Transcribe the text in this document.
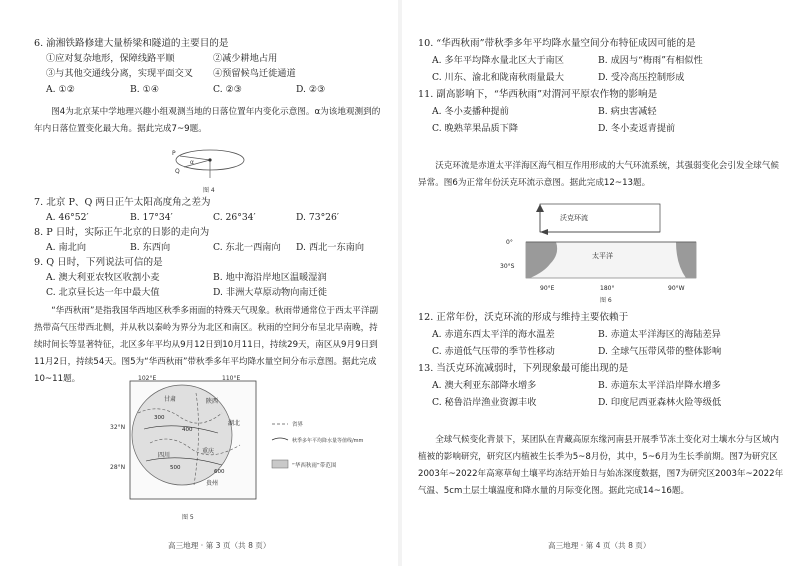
6. 渝湘铁路修建大量桥梁和隧道的主要目的是
①应对复杂地形，保障线路平顺	②减少耕地占用
③与其他交通线分离，实现平面交叉 ④预留候鸟迁徙通道
A. ①②	B. ①④	C. ②③	D. ②③
图4为北京某中学地理兴趣小组观测当地的日落位置年内变化示意图。α为该地观测到的年内日落位置变化最大角。据此完成7~9题。
P
Q
α
图 4
7. 北京 P、Q 两日正午太阳高度角之差为
A. 46°52′	B. 17°34′	C. 26°34′	D. 73°26′
8. P 日时，实际正午北京的日影的走向为
A. 南北向	B. 东西向	C. 东北一西南向 D. 西北一东南向
9. Q 日时，下列说法可信的是
A. 澳大利亚农牧区收割小麦	B. 地中海沿岸地区温暖湿润
C. 北京昼长达一年中最大值	D. 非洲大草原动物向南迁徙
“华西秋雨”是指我国华西地区秋季多雨面的特殊天气现象。秋雨带通常位于西太平洋副热带高气压带西北侧，并从秋以秦岭为界分为北区和南区。秋雨的空间分布呈北早南晚，持续时间长等显著特征，北区多年平均从9月12日到10月11日，持续29天，南区从9月9日到11月2日，持续54天。图5为“华西秋雨”带秋季多年平均降水量空间分布示意图。据此完成10~11题。	102°E	110°E
32°N
28°N
甘肃	陕西
四川
重庆
湖北
贵州
300
400
500
600
图 5
省界
秋季多年平均降水量等值线/mm
“华西秋雨”带范围
高三地理 · 第 3 页（共 8 页）
10. “华西秋雨”带秋季多年平均降水量空间分布特征成因可能的是
A. 多年平均降水量北区大于南区	B. 成因与“梅雨”有相似性
C. 川东、渝北和陇南秋雨量最大	D. 受冷高压控制形成
11. 副高影响下，“华西秋雨”对渭河平原农作物的影响是
A. 冬小麦播种提前	B. 病虫害减轻
C. 晚熟苹果品质下降	D. 冬小麦返青提前
沃克环流是赤道太平洋海区海气相互作用形成的大气环流系统，其强弱变化会引发全球气候异常。图6为正常年份沃克环流示意图。据此完成12~13题。
沃克环流
太平洋
0°
30°S
90°E	180°	90°W
图 6
12. 正常年份，沃克环流的形成与维持主要依赖于
A. 赤道东西太平洋的海水温差	B. 赤道太平洋海区的海陆差异
C. 赤道低气压带的季节性移动	D. 全球气压带风带的整体影响
13. 当沃克环流减弱时，下列现象最可能出现的是
A. 澳大利亚东部降水增多	B. 赤道东太平洋沿岸降水增多
C. 秘鲁沿岸渔业资源丰收	D. 印度尼西亚森林火险等级低
全球气候变化背景下，某团队在青藏高原东缘河南县开展季节冻土变化对土壤水分与区域内植被的影响研究，研究区内植被生长季为5~8月份，其中，5~6月为生长季前期。图7为研究区2003年~2022年高寒草甸土壤平均冻结开始日与始冻深度数据，图7为研究区2003年~2022年气温、5cm土层土壤温度和降水量的月际变化图。据此完成14~16题。
高三地理 · 第 4 页（共 8 页）
